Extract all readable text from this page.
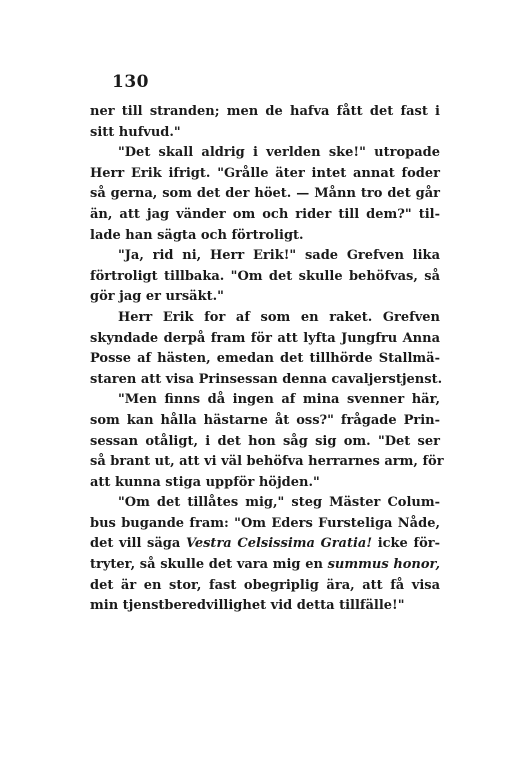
130
ner till stranden; men de hafva fått det fast i
sitt hufvud."
"Det skall aldrig i verlden ske!" utropade
Herr Erik ifrigt. "Grålle äter intet annat foder
så gerna, som det der höet. — Månn tro det går
än, att jag vänder om och rider till dem?" til-
lade han sägta och förtroligt.
"Ja, rid ni, Herr Erik!" sade Grefven lika
förtroligt tillbaka. "Om det skulle behöfvas, så
gör jag er ursäkt."
Herr Erik for af som en raket. Grefven
skyndade derpå fram för att lyfta Jungfru Anna
Posse af hästen, emedan det tillhörde Stallmä-
staren att visa Prinsessan denna cavaljerstjenst.
"Men finns då ingen af mina svenner här,
som kan hålla hästarne åt oss?" frågade Prin-
sessan otåligt, i det hon såg sig om. "Det ser
så brant ut, att vi väl behöfva herrarnes arm, för
att kunna stiga uppför höjden."
"Om det tillåtes mig," steg Mäster Colum-
bus bugande fram: "Om Eders Fursteliga Nåde,
det vill säga Vestra Celsissima Gratia! icke för-
tryter, så skulle det vara mig en summus honor,
det är en stor, fast obegriplig ära, att få visa
min tjenstberedvillighet vid detta tillfälle!"
